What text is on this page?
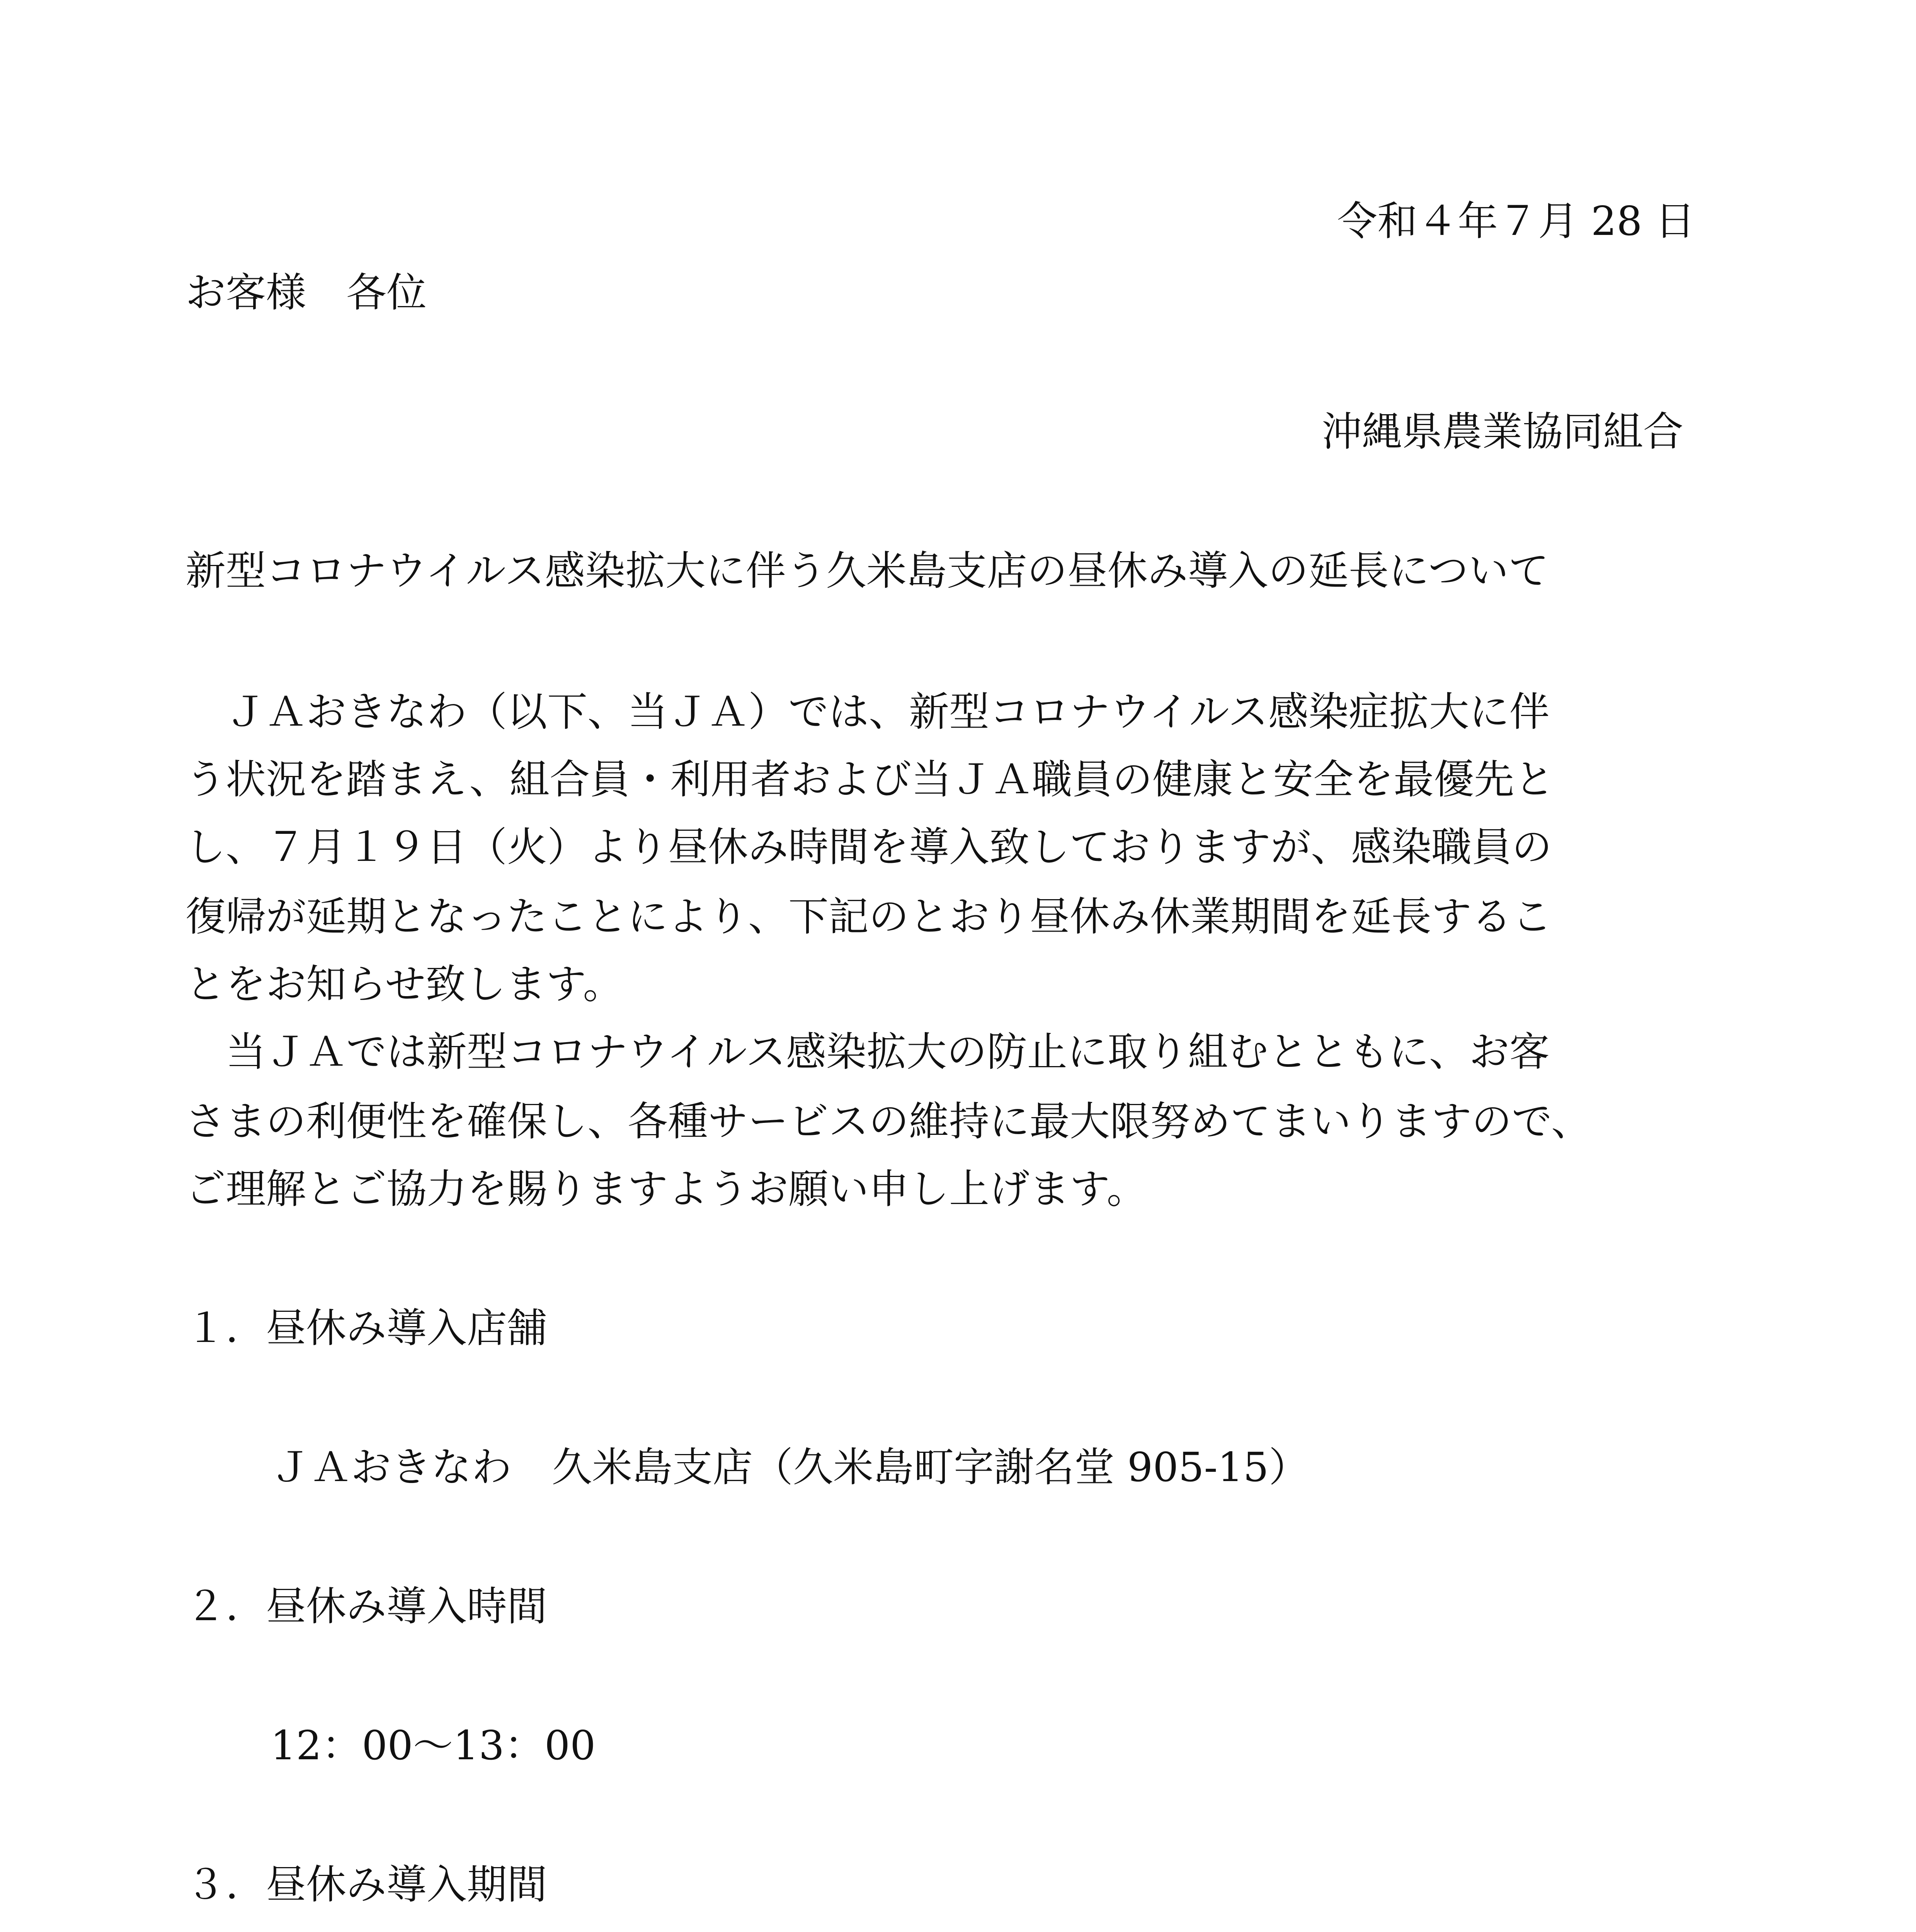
令和４年７月 28 日
お客様　各位
沖縄県農業協同組合
新型コロナウイルス感染拡大に伴う久米島支店の昼休み導入の延長について
　ＪＡおきなわ（以下、当ＪＡ）では、新型コロナウイルス感染症拡大に伴
う状況を踏まえ、組合員・利用者および当ＪＡ職員の健康と安全を最優先と
し、７月１９日（火）より昼休み時間を導入致しておりますが、感染職員の
復帰が延期となったことにより、下記のとおり昼休み休業期間を延長するこ
とをお知らせ致します。
　当ＪＡでは新型コロナウイルス感染拡大の防止に取り組むとともに、お客
さまの利便性を確保し、各種サービスの維持に最大限努めてまいりますので、
ご理解とご協力を賜りますようお願い申し上げます。
１．昼休み導入店舗
ＪＡおきなわ　久米島支店（久米島町字謝名堂 905-15）
２．昼休み導入時間
12：00～13：00
３．昼休み導入期間
